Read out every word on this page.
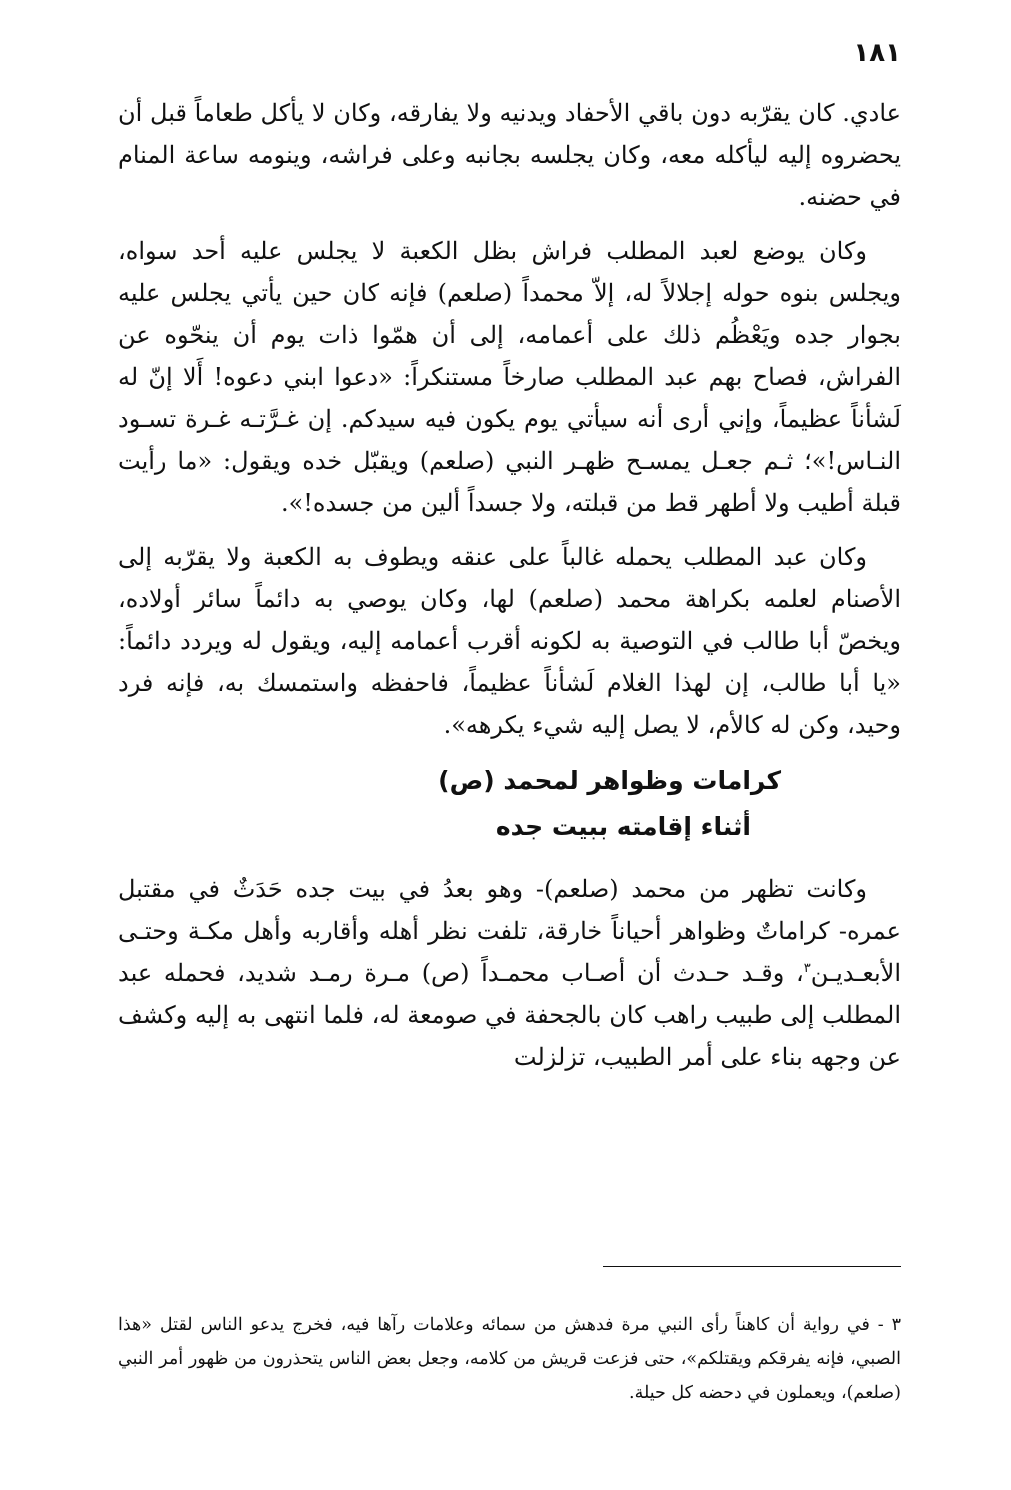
١٨١

عادي. كان يقرّبه دون باقي الأحفاد ويدنيه ولا يفارقه، وكان لا يأكل طعاماً قبل أن يحضروه إليه ليأكله معه، وكان يجلسه بجانبه وعلى فراشه، وينومه ساعة المنام في حضنه.

وكان يوضع لعبد المطلب فراش بظل الكعبة لا يجلس عليه أحد سواه، ويجلس بنوه حوله إجلالاً له، إلاّ محمداً (صلعم) فإنه كان حين يأتي يجلس عليه بجوار جده ويَعْظُم ذلك على أعمامه، إلى أن همّوا ذات يوم أن ينحّوه عن الفراش، فصاح بهم عبد المطلب صارخاً مستنكراً: «دعوا ابني دعوه! أَلا إنّ له لَشأناً عظيماً، وإني أرى أنه سيأتي يوم يكون فيه سيدكم. إن غـرَّتـه غـرة تسـود النـاس!»؛ ثـم جعـل يمسـح ظهـر النبي (صلعم) ويقبّل خده ويقول: «ما رأيت قبلة أطيب ولا أطهر قط من قبلته، ولا جسداً ألين من جسده!».

وكان عبد المطلب يحمله غالباً على عنقه ويطوف به الكعبة ولا يقرّبه إلى الأصنام لعلمه بكراهة محمد (صلعم) لها، وكان يوصي به دائماً سائر أولاده، ويخصّ أبا طالب في التوصية به لكونه أقرب أعمامه إليه، ويقول له ويردد دائماً: «يا أبا طالب، إن لهذا الغلام لَشأناً عظيماً، فاحفظه واستمسك به، فإنه فرد وحيد، وكن له كالأم، لا يصل إليه شيء يكرهه».

كرامات وظواهر لمحمد (ص)
أثناء إقامته ببيت جده

وكانت تظهر من محمد (صلعم)- وهو بعدُ في بيت جده حَدَثٌ في مقتبل عمره- كراماتٌ وظواهر أحياناً خارقة، تلفت نظر أهله وأقاربه وأهل مكـة وحتـى الأبعـديـن$^٣$، وقـد حـدث أن أصـاب محمـداً (ص) مـرة رمـد شديد، فحمله عبد المطلب إلى طبيب راهب كان بالجحفة في صومعة له، فلما انتهى به إليه وكشف عن وجهه بناء على أمر الطبيب، تزلزلت

٣ - في رواية أن كاهناً رأى النبي مرة فدهش من سمائه وعلامات رآها فيه، فخرج يدعو الناس لقتل «هذا الصبي، فإنه يفرقكم ويقتلكم»، حتى فزعت قريش من كلامه، وجعل بعض الناس يتحذرون من ظهور أمر النبي (صلعم)، ويعملون في دحضه كل حيلة.
